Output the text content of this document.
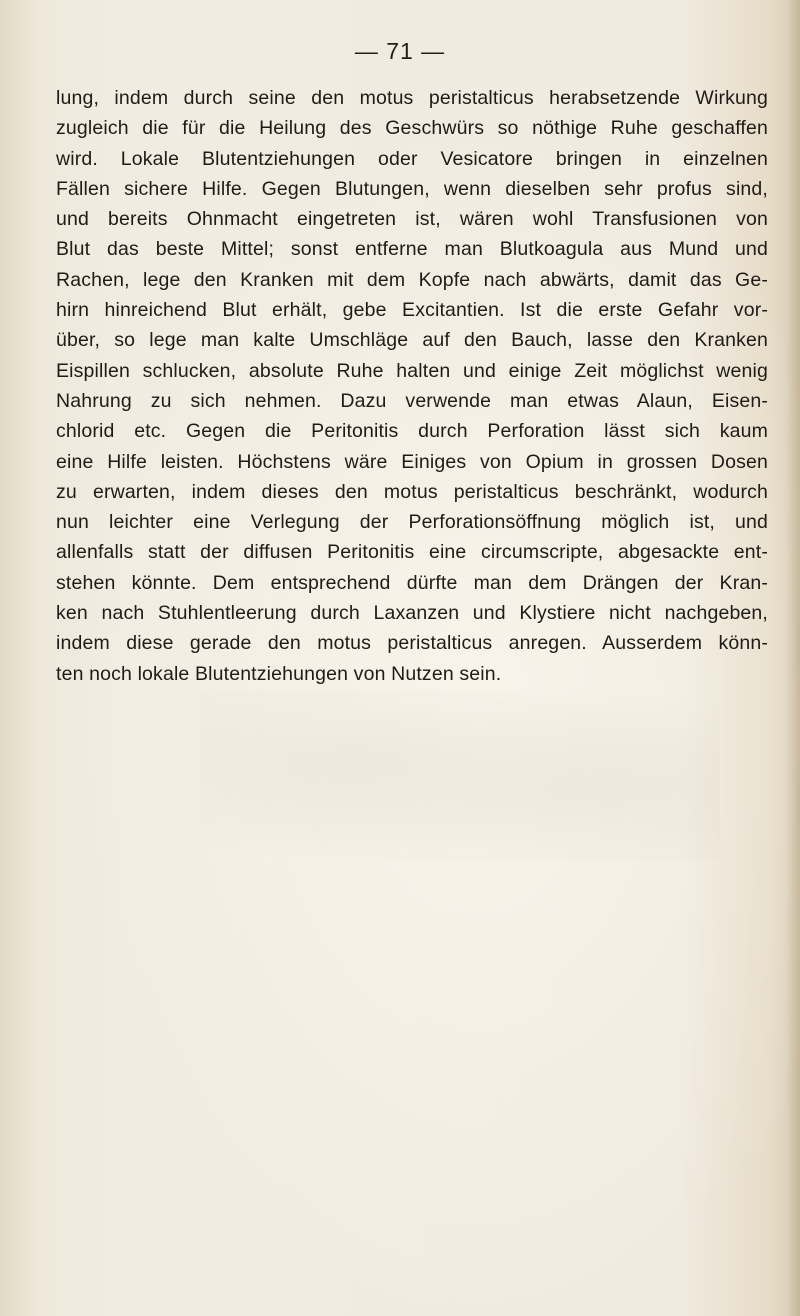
— 71 —
lung, indem durch seine den motus peristalticus herabsetzende Wirkung
zugleich die für die Heilung des Geschwürs so nöthige Ruhe geschaffen
wird. Lokale Blutentziehungen oder Vesicatore bringen in einzelnen
Fällen sichere Hilfe. Gegen Blutungen, wenn dieselben sehr profus sind,
und bereits Ohnmacht eingetreten ist, wären wohl Transfusionen von
Blut das beste Mittel; sonst entferne man Blutkoagula aus Mund und
Rachen, lege den Kranken mit dem Kopfe nach abwärts, damit das Ge-
hirn hinreichend Blut erhält, gebe Excitantien. Ist die erste Gefahr vor-
über, so lege man kalte Umschläge auf den Bauch, lasse den Kranken
Eispillen schlucken, absolute Ruhe halten und einige Zeit möglichst wenig
Nahrung zu sich nehmen. Dazu verwende man etwas Alaun, Eisen-
chlorid etc. Gegen die Peritonitis durch Perforation lässt sich kaum
eine Hilfe leisten. Höchstens wäre Einiges von Opium in grossen Dosen
zu erwarten, indem dieses den motus peristalticus beschränkt, wodurch
nun leichter eine Verlegung der Perforationsöffnung möglich ist, und
allenfalls statt der diffusen Peritonitis eine circumscripte, abgesackte ent-
stehen könnte. Dem entsprechend dürfte man dem Drängen der Kran-
ken nach Stuhlentleerung durch Laxanzen und Klystiere nicht nachgeben,
indem diese gerade den motus peristalticus anregen. Ausserdem könn-
ten noch lokale Blutentziehungen von Nutzen sein.
